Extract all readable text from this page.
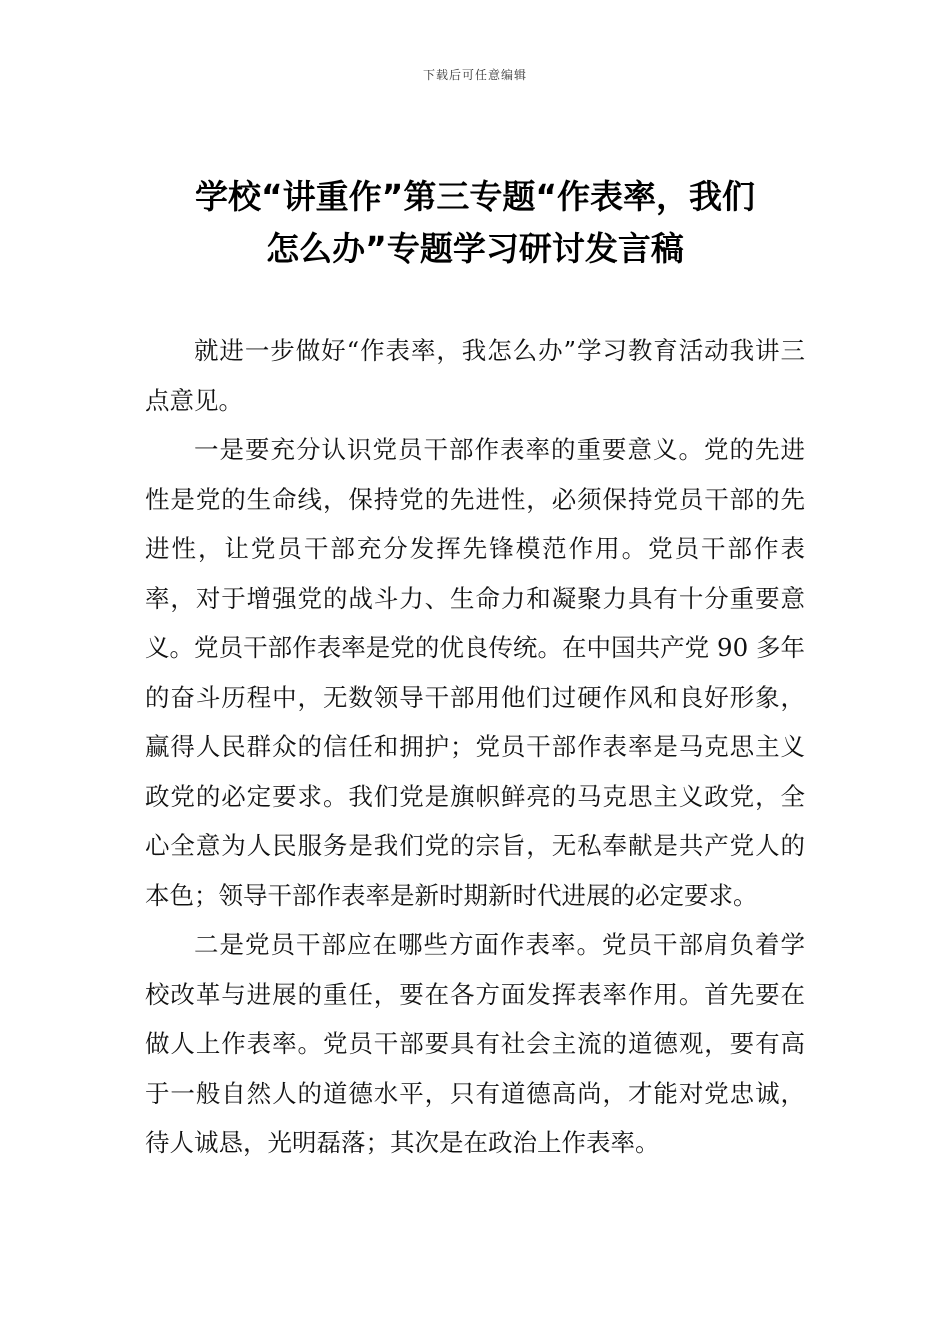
下载后可任意编辑
学校“讲重作”第三专题“作表率，我们
怎么办”专题学习研讨发言稿

就进一步做好“作表率，我怎么办”学习教育活动我讲三点意见。

一是要充分认识党员干部作表率的重要意义。党的先进性是党的生命线，保持党的先进性，必须保持党员干部的先进性，让党员干部充分发挥先锋模范作用。党员干部作表率，对于增强党的战斗力、生命力和凝聚力具有十分重要意义。党员干部作表率是党的优良传统。在中国共产党 90 多年的奋斗历程中，无数领导干部用他们过硬作风和良好形象，赢得人民群众的信任和拥护；党员干部作表率是马克思主义政党的必定要求。我们党是旗帜鲜亮的马克思主义政党，全心全意为人民服务是我们党的宗旨，无私奉献是共产党人的本色；领导干部作表率是新时期新时代进展的必定要求。

二是党员干部应在哪些方面作表率。党员干部肩负着学校改革与进展的重任，要在各方面发挥表率作用。首先要在做人上作表率。党员干部要具有社会主流的道德观，要有高于一般自然人的道德水平，只有道德高尚，才能对党忠诚，待人诚恳，光明磊落；其次是在政治上作表率。
